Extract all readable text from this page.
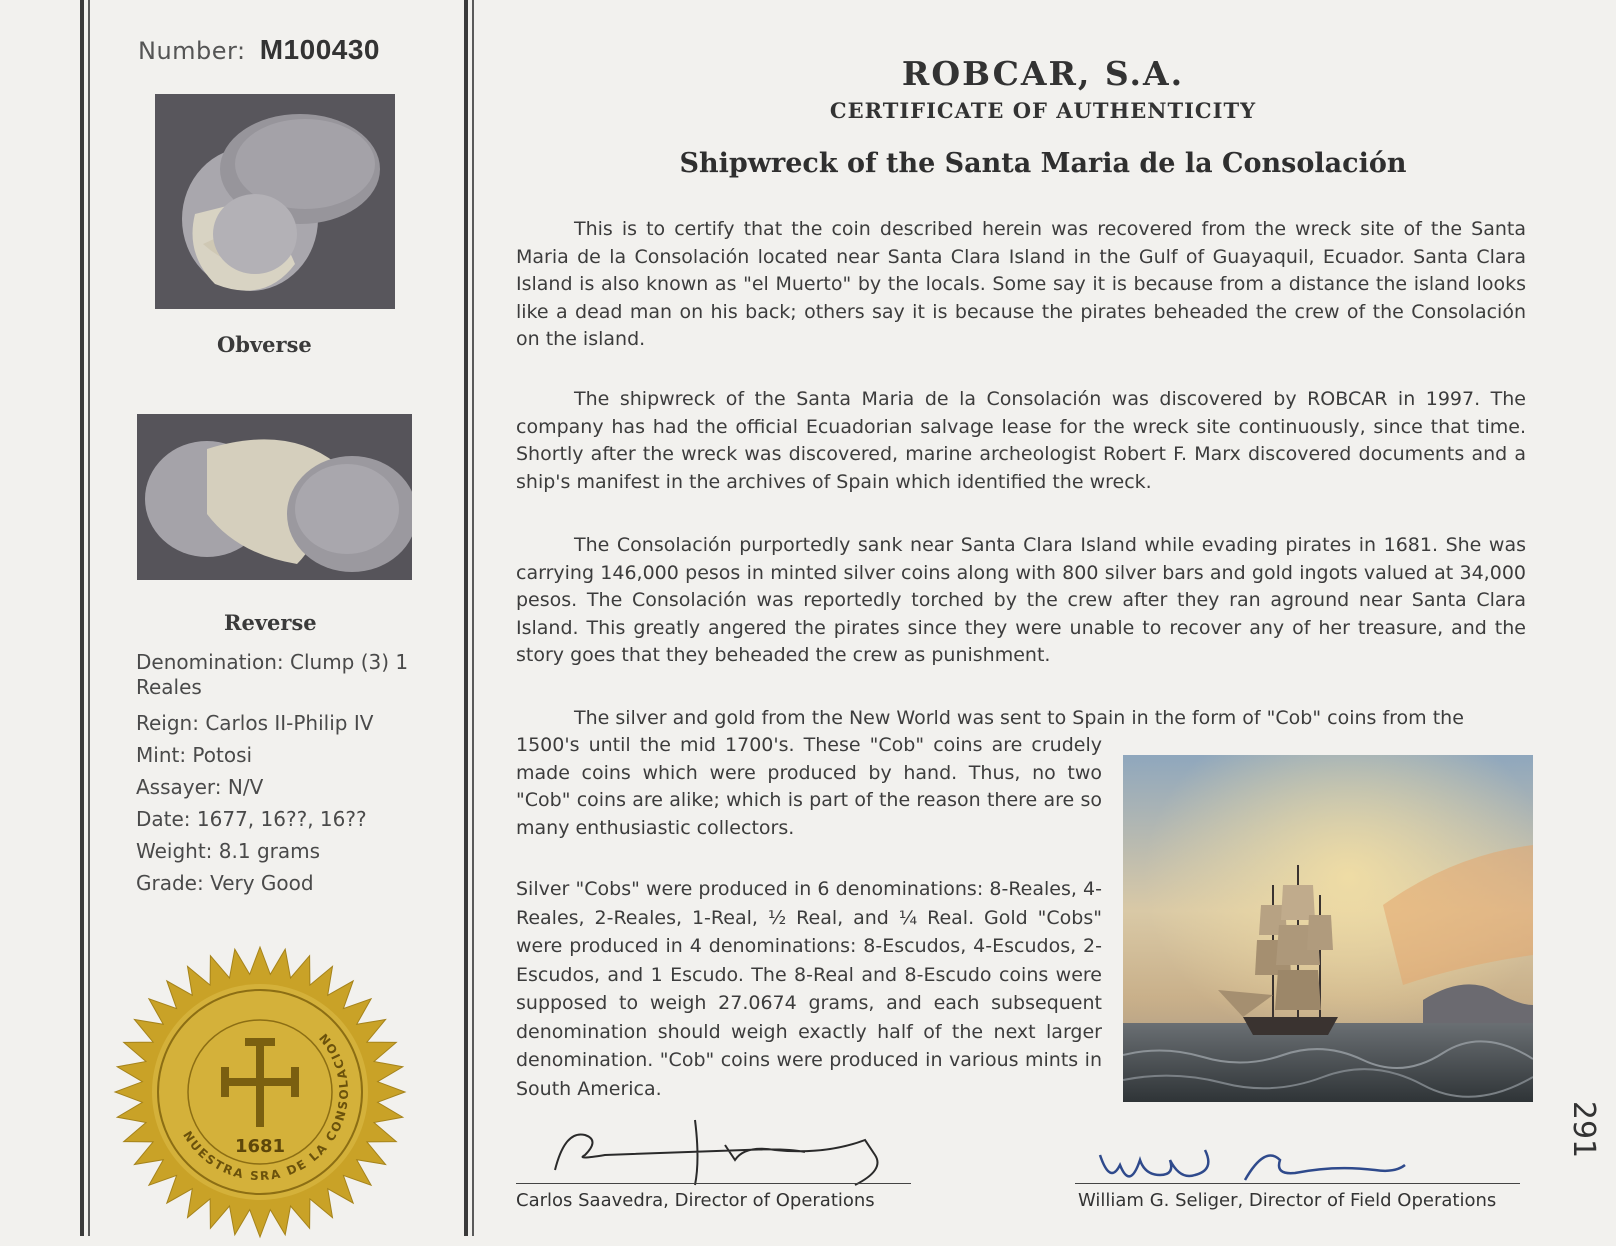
Number: M100430
Obverse
Reverse
Denomination: Clump (3) 1 Reales
Reign: Carlos II-Philip IV
Mint: Potosi
Assayer: N/V
Date: 1677, 16??, 16??
Weight: 8.1 grams
Grade: Very Good
1681
NUESTRA SRA DE LA CONSOLACION
ROBCAR, S.A.
CERTIFICATE OF AUTHENTICITY
Shipwreck of the Santa Maria de la Consolación
This is to certify that the coin described herein was recovered from the wreck site of the Santa Maria de la Consolación located near Santa Clara Island in the Gulf of Guayaquil, Ecuador. Santa Clara Island is also known as "el Muerto" by the locals. Some say it is because from a distance the island looks like a dead man on his back; others say it is because the pirates beheaded the crew of the Consolación on the island.
The shipwreck of the Santa Maria de la Consolación was discovered by ROBCAR in 1997. The company has had the official Ecuadorian salvage lease for the wreck site continuously, since that time. Shortly after the wreck was discovered, marine archeologist Robert F. Marx discovered documents and a ship's manifest in the archives of Spain which identified the wreck.
The Consolación purportedly sank near Santa Clara Island while evading pirates in 1681. She was carrying 146,000 pesos in minted silver coins along with 800 silver bars and gold ingots valued at 34,000 pesos. The Consolación was reportedly torched by the crew after they ran aground near Santa Clara Island. This greatly angered the pirates since they were unable to recover any of her treasure, and the story goes that they beheaded the crew as punishment.
The silver and gold from the New World was sent to Spain in the form of "Cob" coins from the
1500's until the mid 1700's. These "Cob" coins are crudely made coins which were produced by hand. Thus, no two "Cob" coins are alike; which is part of the reason there are so many enthusiastic collectors.
Silver "Cobs" were produced in 6 denominations: 8-Reales, 4-Reales, 2-Reales, 1-Real, ½ Real, and ¼ Real. Gold "Cobs" were produced in 4 denominations: 8-Escudos, 4-Escudos, 2-Escudos, and 1 Escudo. The 8-Real and 8-Escudo coins were supposed to weigh 27.0674 grams, and each subsequent denomination should weigh exactly half of the next larger denomination. "Cob" coins were produced in various mints in South America.
Carlos Saavedra, Director of Operations	William G. Seliger, Director of Field Operations
291
